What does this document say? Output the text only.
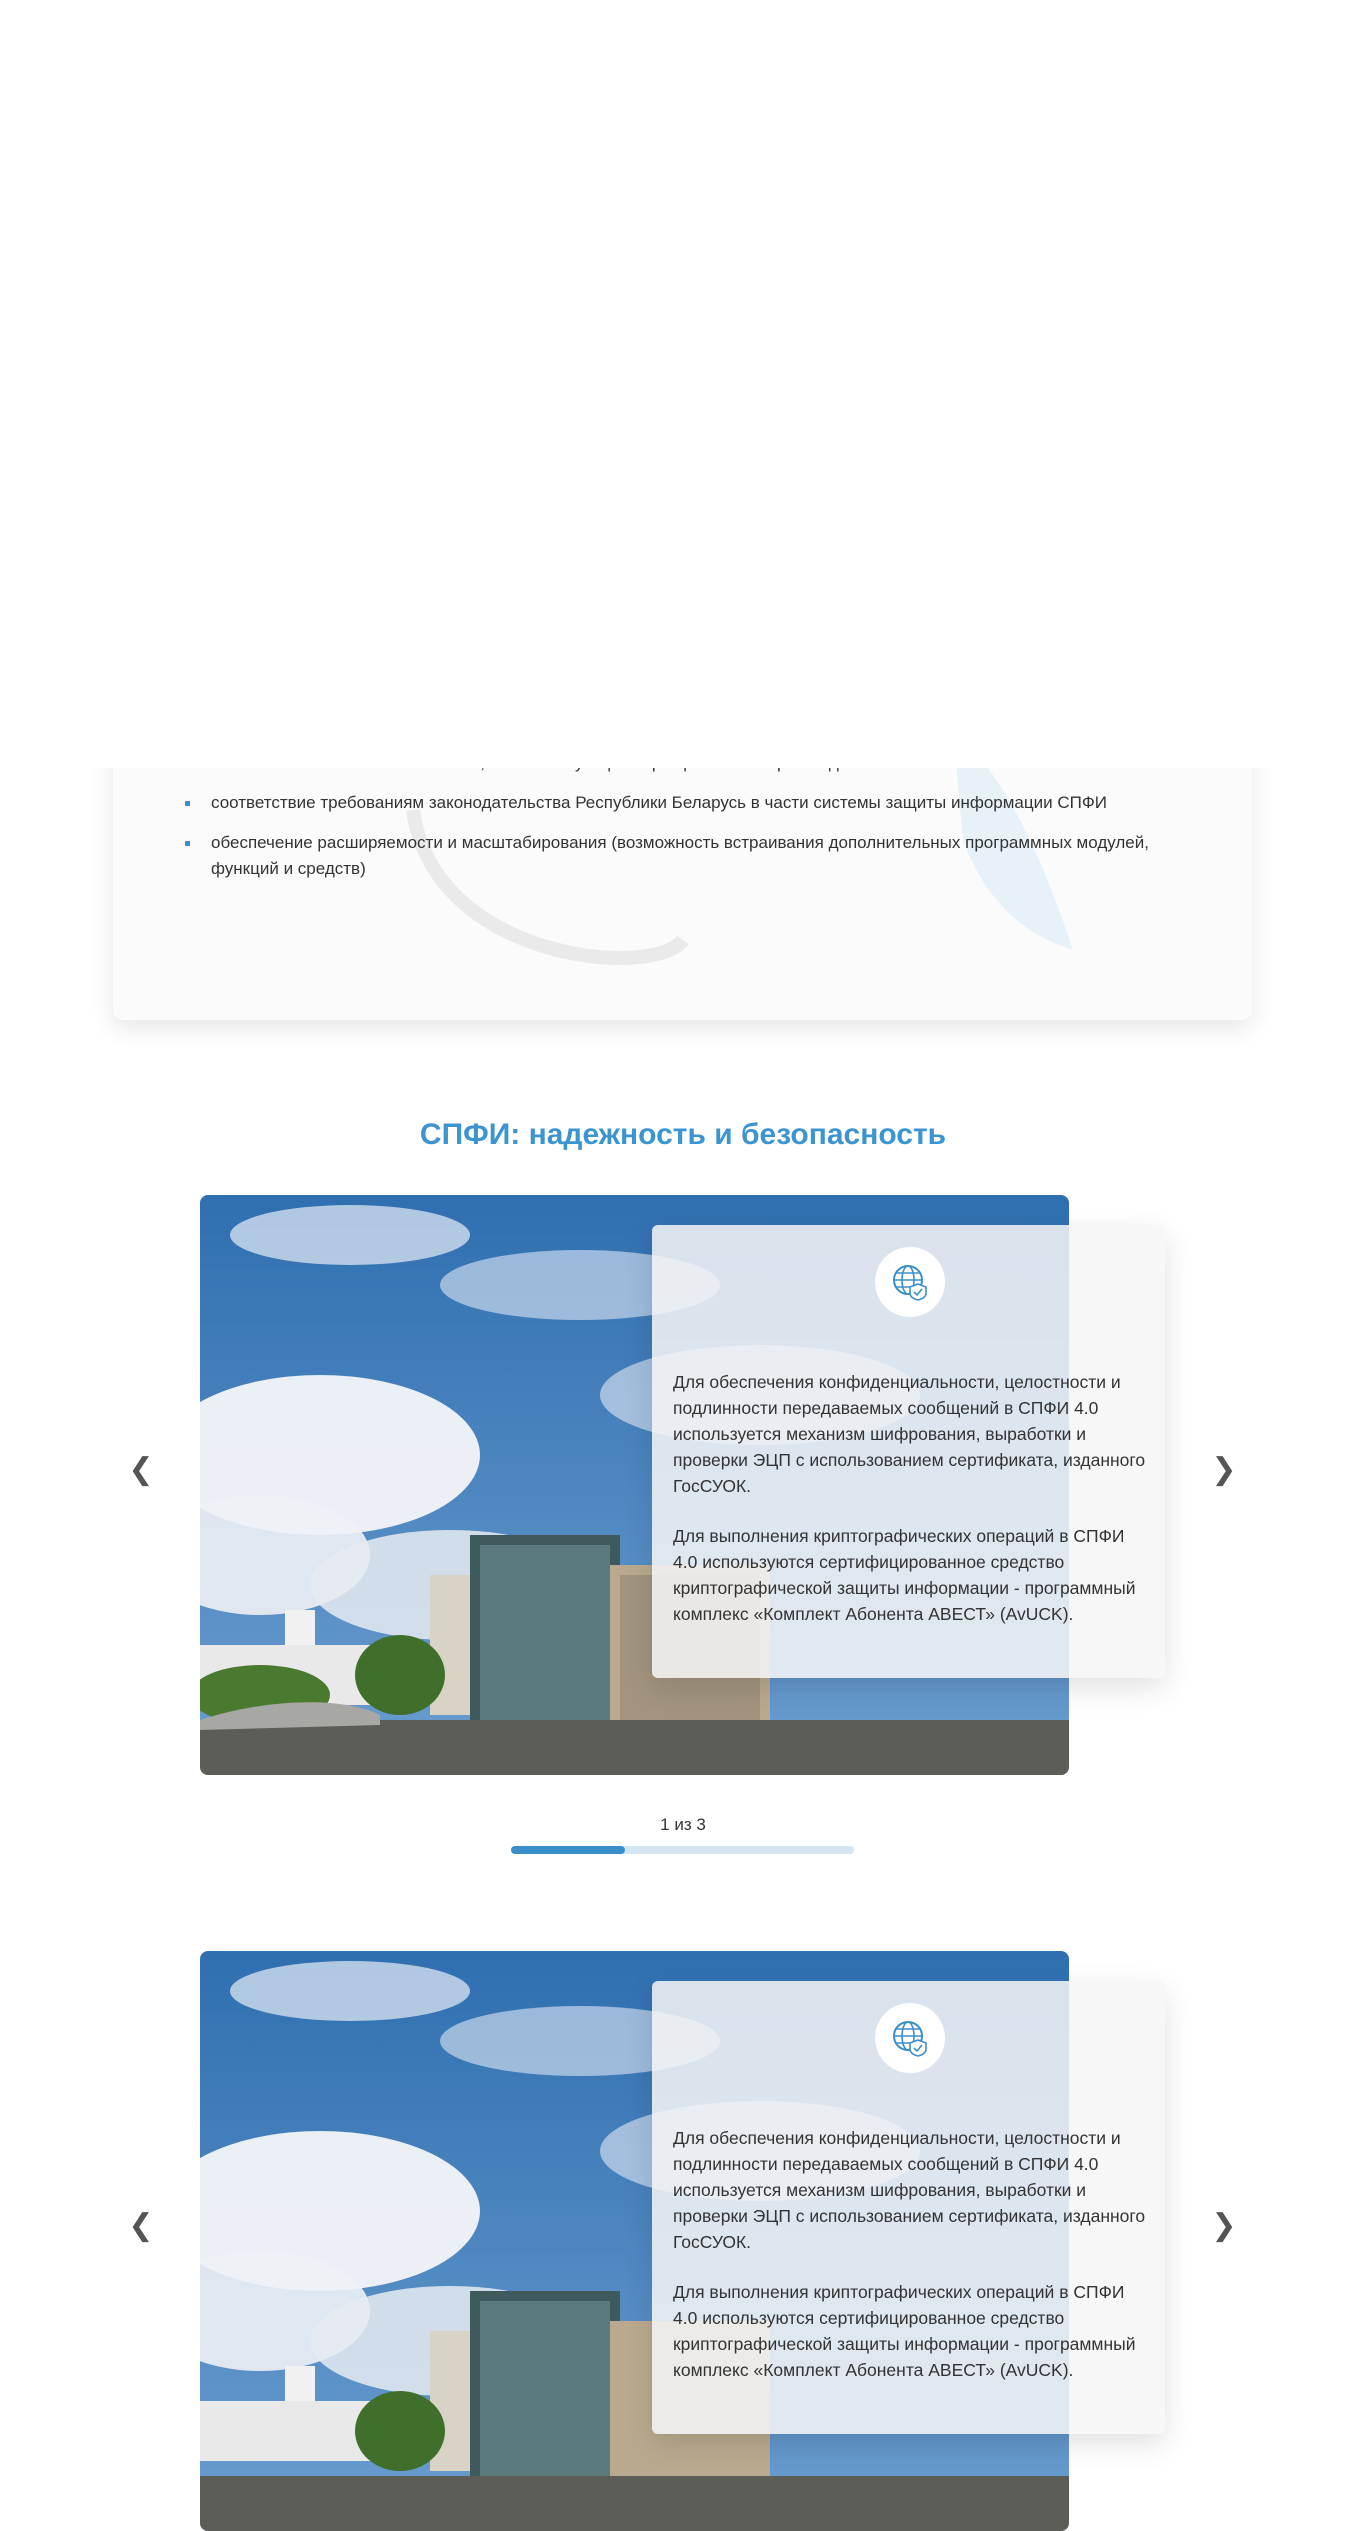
соответствие требованиям законодательства Республики Беларусь в части системы защиты информации СПФИ
обеспечение расширяемости и масштабирования (возможность встраивания дополнительных программных модулей, функций и средств)
СПФИ: надежность и безопасность
❮

Для обеспечения конфиденциальности, целостности и подлинности передаваемых сообщений в СПФИ 4.0 используется механизм шифрования, выработки и проверки ЭЦП с использованием сертификата, изданного ГосСУОК.

Для выполнения криптографических операций в СПФИ 4.0 используются сертифицированное средство криптографической защиты информации - программный комплекс «Комплект Абонента АВЕСТ» (AvUCK).

❯
1 из 3
❮

Для обеспечения конфиденциальности, целостности и подлинности передаваемых сообщений в СПФИ 4.0 используется механизм шифрования, выработки и проверки ЭЦП с использованием сертификата, изданного ГосСУОК.

Для выполнения криптографических операций в СПФИ 4.0 используются сертифицированное средство криптографической защиты информации - программный комплекс «Комплект Абонента АВЕСТ» (AvUCK).

❯
